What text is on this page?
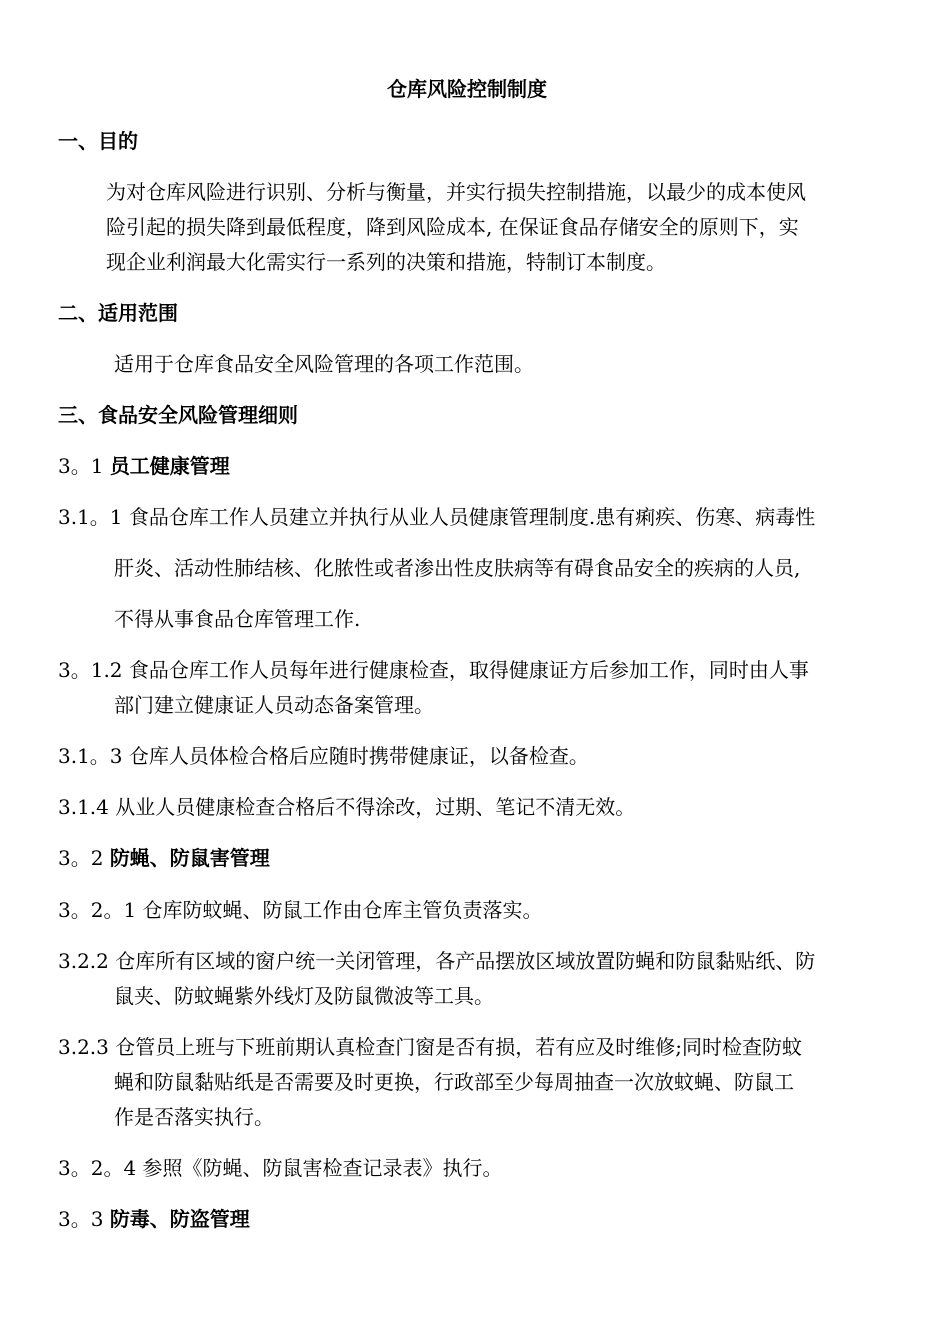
仓库风险控制制度
一、目的
为对仓库风险进行识别、分析与衡量，并实行损失控制措施，以最少的成本使风
险引起的损失降到最低程度，降到风险成本, 在保证食品存储安全的原则下，实
现企业利润最大化需实行一系列的决策和措施，特制订本制度。
二、适用范围
适用于仓库食品安全风险管理的各项工作范围。
三、食品安全风险管理细则
3。1 员工健康管理
3.1。1 食品仓库工作人员建立并执行从业人员健康管理制度.患有痢疾、伤寒、病毒性
肝炎、活动性肺结核、化脓性或者渗出性皮肤病等有碍食品安全的疾病的人员,
不得从事食品仓库管理工作.
3。1.2 食品仓库工作人员每年进行健康检查，取得健康证方后参加工作，同时由人事
部门建立健康证人员动态备案管理。
3.1。3 仓库人员体检合格后应随时携带健康证，以备检查。
3.1.4 从业人员健康检查合格后不得涂改，过期、笔记不清无效。
3。2 防蝇、防鼠害管理
3。2。1 仓库防蚊蝇、防鼠工作由仓库主管负责落实。
3.2.2 仓库所有区域的窗户统一关闭管理，各产品摆放区域放置防蝇和防鼠黏贴纸、防
鼠夹、防蚊蝇紫外线灯及防鼠微波等工具。
3.2.3 仓管员上班与下班前期认真检查门窗是否有损，若有应及时维修;同时检查防蚊
蝇和防鼠黏贴纸是否需要及时更换，行政部至少每周抽查一次放蚊蝇、防鼠工
作是否落实执行。
3。2。4 参照《防蝇、防鼠害检查记录表》执行。
3。3 防毒、防盗管理
